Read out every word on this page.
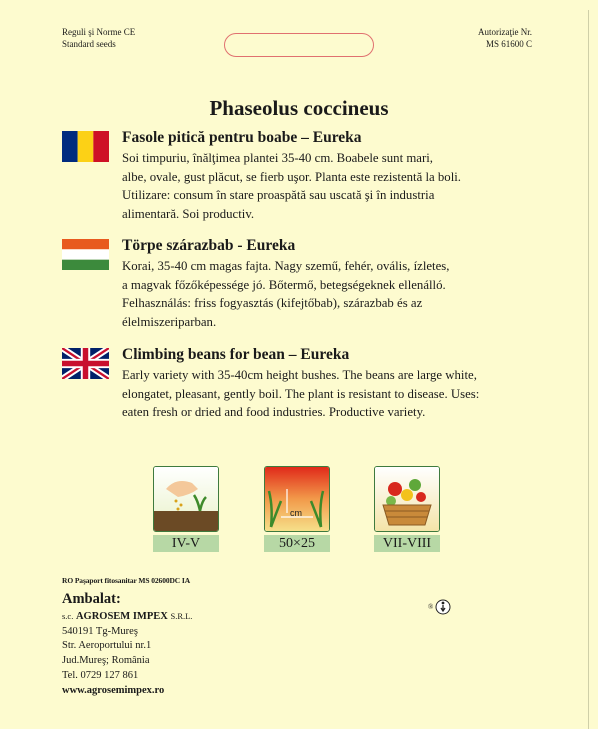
Reguli şi Norme CE
Standard seeds
Autorizaţie Nr.
MS 61600 C
Phaseolus coccineus
Fasole pitică pentru boabe – Eureka
Soi timpuriu, înălţimea plantei 35-40 cm. Boabele sunt mari,
albe, ovale, gust plăcut, se fierb uşor. Planta este rezistentă la boli.
Utilizare: consum în stare proaspătă sau uscată şi în industria
alimentară. Soi productiv.
Törpe szárazbab - Eureka
Korai, 35-40 cm magas fajta. Nagy szemű, fehér, ovális, ízletes,
a magvak főzőképessége jó. Bőtermő, betegségeknek ellenálló.
Felhasználás: friss fogyasztás (kifejtőbab), szárazbab és az
élelmiszeriparban.
Climbing beans for bean – Eureka
Early variety with 35-40cm height bushes. The beans are large white,
elongatet, pleasant, gently boil. The plant is resistant to disease. Uses:
eaten fresh or dried and food industries. Productive variety.
IV-V
cm
50×25	VII-VIII
RO Paşaport fitosanitar MS 02600DC IA
Ambalat:
s.c. AGROSEM IMPEX S.R.L.
540191 Tg-Mureş
Str. Aeroportului nr.1
Jud.Mureş; România
Tel. 0729 127 861
www.agrosemimpex.ro
®
